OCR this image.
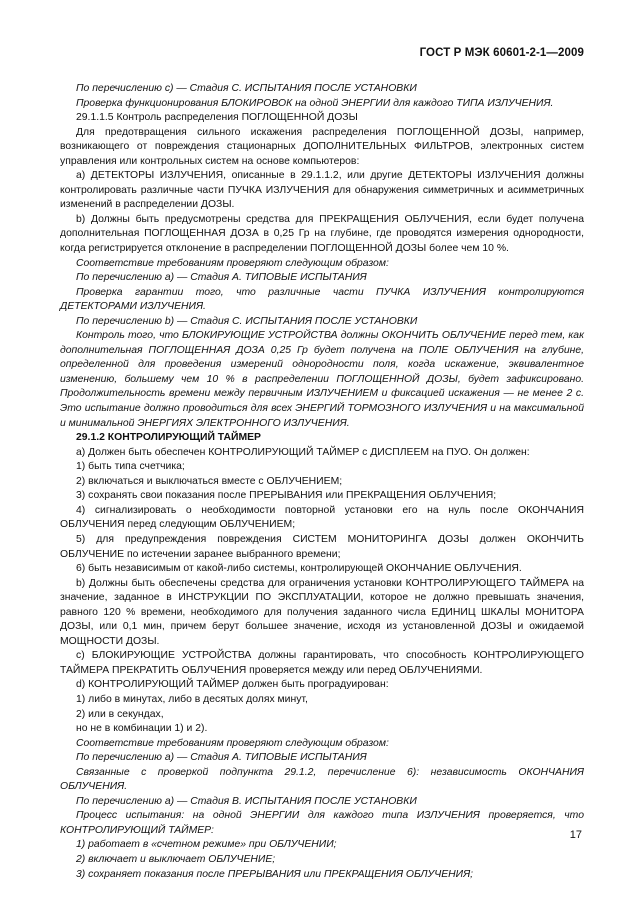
ГОСТ Р МЭК 60601-2-1—2009

По перечислению c) — Стадия C. ИСПЫТАНИЯ ПОСЛЕ УСТАНОВКИ

Проверка функционирования БЛОКИРОВОК на одной ЭНЕРГИИ для каждого ТИПА ИЗЛУЧЕНИЯ.

29.1.1.5 Контроль распределения ПОГЛОЩЕННОЙ ДОЗЫ

Для предотвращения сильного искажения распределения ПОГЛОЩЕННОЙ ДОЗЫ, например, возникающего от повреждения стационарных ДОПОЛНИТЕЛЬНЫХ ФИЛЬТРОВ, электронных систем управления или контрольных систем на основе компьютеров:

a) ДЕТЕКТОРЫ ИЗЛУЧЕНИЯ, описанные в 29.1.1.2, или другие ДЕТЕКТОРЫ ИЗЛУЧЕНИЯ должны контролировать различные части ПУЧКА ИЗЛУЧЕНИЯ для обнаружения симметричных и асимметричных изменений в распределении ДОЗЫ.

b) Должны быть предусмотрены средства для ПРЕКРАЩЕНИЯ ОБЛУЧЕНИЯ, если будет получена дополнительная ПОГЛОЩЕННАЯ ДОЗА в 0,25 Гр на глубине, где проводятся измерения однородности, когда регистрируется отклонение в распределении ПОГЛОЩЕННОЙ ДОЗЫ более чем 10 %.

Соответствие требованиям проверяют следующим образом:

По перечислению a) — Стадия A. ТИПОВЫЕ ИСПЫТАНИЯ

Проверка гарантии того, что различные части ПУЧКА ИЗЛУЧЕНИЯ контролируются ДЕТЕКТОРАМИ ИЗЛУЧЕНИЯ.

По перечислению b) — Стадия C. ИСПЫТАНИЯ ПОСЛЕ УСТАНОВКИ

Контроль того, что БЛОКИРУЮЩИЕ УСТРОЙСТВА должны ОКОНЧИТЬ ОБЛУЧЕНИЕ перед тем, как дополнительная ПОГЛОЩЕННАЯ ДОЗА 0,25 Гр будет получена на ПОЛЕ ОБЛУЧЕНИЯ на глубине, определенной для проведения измерений однородности поля, когда искажение, эквивалентное изменению, большему чем 10 % в распределении ПОГЛОЩЕННОЙ ДОЗЫ, будет зафиксировано. Продолжительность времени между первичным ИЗЛУЧЕНИЕМ и фиксацией искажения — не менее 2 с. Это испытание должно проводиться для всех ЭНЕРГИЙ ТОРМОЗНОГО ИЗЛУЧЕНИЯ и на максимальной и минимальной ЭНЕРГИЯХ ЭЛЕКТРОННОГО ИЗЛУЧЕНИЯ.

29.1.2 КОНТРОЛИРУЮЩИЙ ТАЙМЕР

a) Должен быть обеспечен КОНТРОЛИРУЮЩИЙ ТАЙМЕР с ДИСПЛЕЕМ на ПУО. Он должен:

1) быть типа счетчика;

2) включаться и выключаться вместе с ОБЛУЧЕНИЕМ;

3) сохранять свои показания после ПРЕРЫВАНИЯ или ПРЕКРАЩЕНИЯ ОБЛУЧЕНИЯ;

4) сигнализировать о необходимости повторной установки его на нуль после ОКОНЧАНИЯ ОБЛУЧЕНИЯ перед следующим ОБЛУЧЕНИЕМ;

5) для предупреждения повреждения СИСТЕМ МОНИТОРИНГА ДОЗЫ должен ОКОНЧИТЬ ОБЛУЧЕНИЕ по истечении заранее выбранного времени;

6) быть независимым от какой-либо системы, контролирующей ОКОНЧАНИЕ ОБЛУЧЕНИЯ.

b) Должны быть обеспечены средства для ограничения установки КОНТРОЛИРУЮЩЕГО ТАЙМЕРА на значение, заданное в ИНСТРУКЦИИ ПО ЭКСПЛУАТАЦИИ, которое не должно превышать значения, равного 120 % времени, необходимого для получения заданного числа ЕДИНИЦ ШКАЛЫ МОНИТОРА ДОЗЫ, или 0,1 мин, причем берут большее значение, исходя из установленной ДОЗЫ и ожидаемой МОЩНОСТИ ДОЗЫ.

c) БЛОКИРУЮЩИЕ УСТРОЙСТВА должны гарантировать, что способность КОНТРОЛИРУЮЩЕГО ТАЙМЕРА ПРЕКРАТИТЬ ОБЛУЧЕНИЯ проверяется между или перед ОБЛУЧЕНИЯМИ.

d) КОНТРОЛИРУЮЩИЙ ТАЙМЕР должен быть проградуирован:

1) либо в минутах, либо в десятых долях минут,

2) или в секундах,

но не в комбинации 1) и 2).

Соответствие требованиям проверяют следующим образом:

По перечислению a) — Стадия A. ТИПОВЫЕ ИСПЫТАНИЯ

Связанные с проверкой подпункта 29.1.2, перечисление 6): независимость ОКОНЧАНИЯ ОБЛУЧЕНИЯ.

По перечислению a) — Стадия B. ИСПЫТАНИЯ ПОСЛЕ УСТАНОВКИ

Процесс испытания: на одной ЭНЕРГИИ для каждого типа ИЗЛУЧЕНИЯ проверяется, что КОНТРОЛИРУЮЩИЙ ТАЙМЕР:

1) работает в «счетном режиме» при ОБЛУЧЕНИИ;

2) включает и выключает ОБЛУЧЕНИЕ;

3) сохраняет показания после ПРЕРЫВАНИЯ или ПРЕКРАЩЕНИЯ ОБЛУЧЕНИЯ;

17
